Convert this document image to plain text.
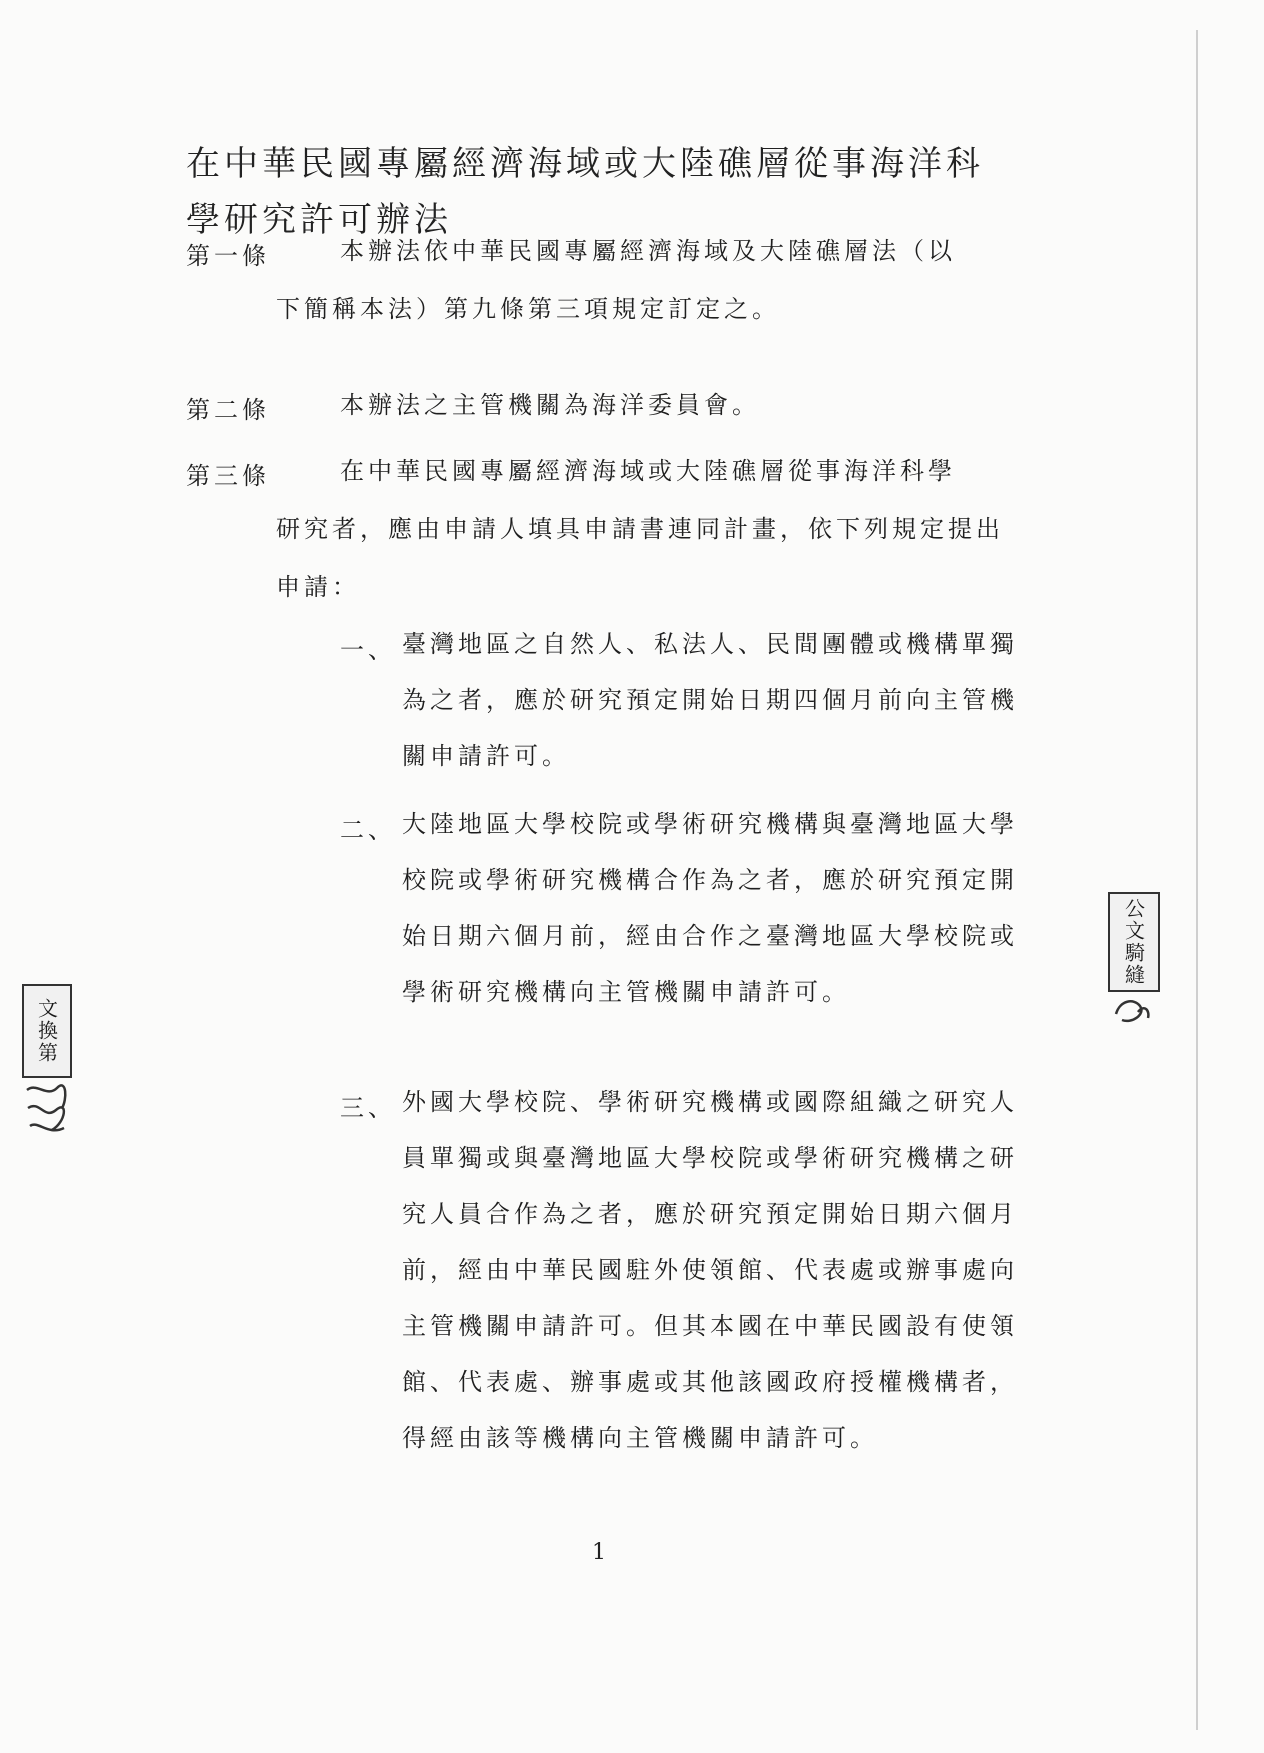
在中華民國專屬經濟海域或大陸礁層從事海洋科學研究許可辦法
第一條	本辦法依中華民國專屬經濟海域及大陸礁層法（以
下簡稱本法）第九條第三項規定訂定之。
第二條	本辦法之主管機關為海洋委員會。
第三條	在中華民國專屬經濟海域或大陸礁層從事海洋科學
研究者，應由申請人填具申請書連同計畫，依下列規定提出申請：
一、 臺灣地區之自然人、私法人、民間團體或機構單獨為之者，應於研究預定開始日期四個月前向主管機關申請許可。
二、 大陸地區大學校院或學術研究機構與臺灣地區大學校院或學術研究機構合作為之者，應於研究預定開始日期六個月前，經由合作之臺灣地區大學校院或學術研究機構向主管機關申請許可。
三、 外國大學校院、學術研究機構或國際組織之研究人員單獨或與臺灣地區大學校院或學術研究機構之研究人員合作為之者，應於研究預定開始日期六個月前，經由中華民國駐外使領館、代表處或辦事處向主管機關申請許可。但其本國在中華民國設有使領館、代表處、辦事處或其他該國政府授權機構者，得經由該等機構向主管機關申請許可。
1
文換第
公文騎縫
